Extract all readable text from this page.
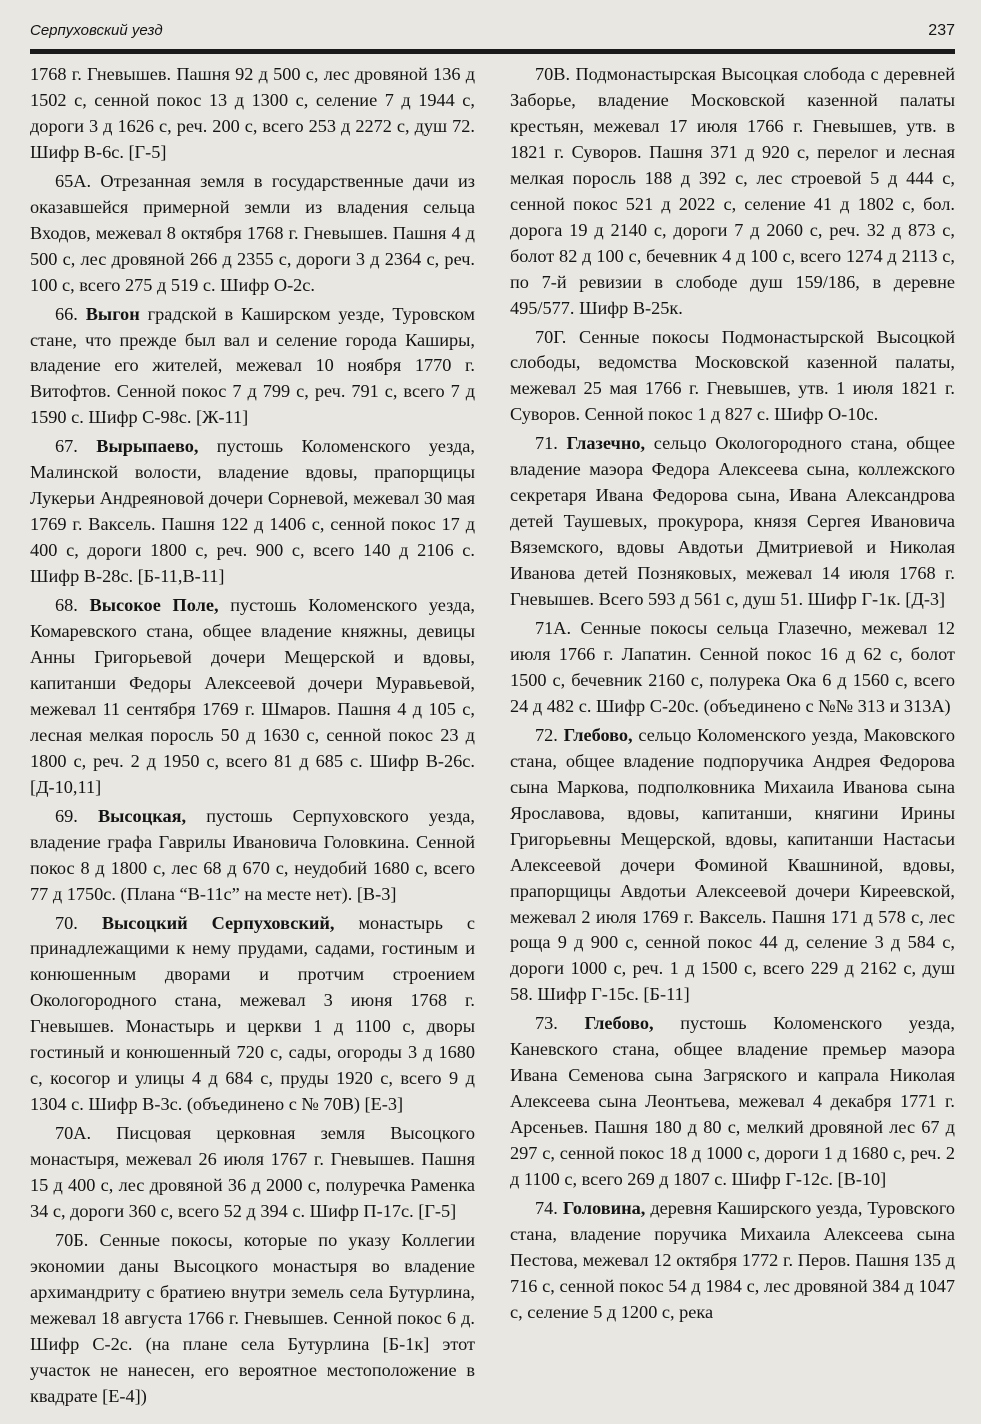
Серпуховский уезд	237

1768 г. Гневышев. Пашня 92 д 500 с, лес дровяной 136 д 1502 с, сенной покос 13 д 1300 с, селение 7 д 1944 с, дороги 3 д 1626 с, реч. 200 с, всего 253 д 2272 с, душ 72. Шифр В-6с. [Г-5]

65А. Отрезанная земля в государственные дачи из оказавшейся примерной земли из владения сельца Входов, межевал 8 октября 1768 г. Гневышев. Пашня 4 д 500 с, лес дровяной 266 д 2355 с, дороги 3 д 2364 с, реч. 100 с, всего 275 д 519 с. Шифр О-2с.

66. Выгон градской в Каширском уезде, Туровском стане, что прежде был вал и селение города Каширы, владение его жителей, межевал 10 ноября 1770 г. Витофтов. Сенной покос 7 д 799 с, реч. 791 с, всего 7 д 1590 с. Шифр С-98с. [Ж-11]

67. Вырыпаево, пустошь Коломенского уезда, Малинской волости, владение вдовы, прапорщицы Лукерьи Андреяновой дочери Сорневой, межевал 30 мая 1769 г. Ваксель. Пашня 122 д 1406 с, сенной покос 17 д 400 с, дороги 1800 с, реч. 900 с, всего 140 д 2106 с. Шифр В-28с. [Б-11,В-11]

68. Высокое Поле, пустошь Коломенского уезда, Комаревского стана, общее владение княжны, девицы Анны Григорьевой дочери Мещерской и вдовы, капитанши Федоры Алексеевой дочери Муравьевой, межевал 11 сентября 1769 г. Шмаров. Пашня 4 д 105 с, лесная мелкая поросль 50 д 1630 с, сенной покос 23 д 1800 с, реч. 2 д 1950 с, всего 81 д 685 с. Шифр В-26с. [Д-10,11]

69. Высоцкая, пустошь Серпуховского уезда, владение графа Гаврилы Ивановича Головкина. Сенной покос 8 д 1800 с, лес 68 д 670 с, неудобий 1680 с, всего 77 д 1750с. (Плана “В-11с” на месте нет). [В-3]

70. Высоцкий Серпуховский, монастырь с принадлежащими к нему прудами, садами, гостиным и конюшенным дворами и протчим строением Окологородного стана, межевал 3 июня 1768 г. Гневышев. Монастырь и церкви 1 д 1100 с, дворы гостиный и конюшенный 720 с, сады, огороды 3 д 1680 с, косогор и улицы 4 д 684 с, пруды 1920 с, всего 9 д 1304 с. Шифр В-3с. (объединено с № 70В) [Е-3]

70А. Писцовая церковная земля Высоцкого монастыря, межевал 26 июля 1767 г. Гневышев. Пашня 15 д 400 с, лес дровяной 36 д 2000 с, полуречка Раменка 34 с, дороги 360 с, всего 52 д 394 с. Шифр П-17с. [Г-5]

70Б. Сенные покосы, которые по указу Коллегии экономии даны Высоцкого монастыря во владение архимандриту с братиею внутри земель села Бутурлина, межевал 18 августа 1766 г. Гневышев. Сенной покос 6 д. Шифр С-2с. (на плане села Бутурлина [Б-1к] этот участок не нанесен, его вероятное местоположение в квадрате [Е-4])

70В. Подмонастырская Высоцкая слобода с деревней Заборье, владение Московской казенной палаты крестьян, межевал 17 июля 1766 г. Гневышев, утв. в 1821 г. Суворов. Пашня 371 д 920 с, перелог и лесная мелкая поросль 188 д 392 с, лес строевой 5 д 444 с, сенной покос 521 д 2022 с, селение 41 д 1802 с, бол. дорога 19 д 2140 с, дороги 7 д 2060 с, реч. 32 д 873 с, болот 82 д 100 с, бечевник 4 д 100 с, всего 1274 д 2113 с, по 7-й ревизии в слободе душ 159/186, в деревне 495/577. Шифр В-25к.

70Г. Сенные покосы Подмонастырской Высоцкой слободы, ведомства Московской казенной палаты, межевал 25 мая 1766 г. Гневышев, утв. 1 июля 1821 г. Суворов. Сенной покос 1 д 827 с. Шифр О-10с.

71. Глазечно, сельцо Окологородного стана, общее владение маэора Федора Алексеева сына, коллежского секретаря Ивана Федорова сына, Ивана Александрова детей Таушевых, прокурора, князя Сергея Ивановича Вяземского, вдовы Авдотьи Дмитриевой и Николая Иванова детей Позняковых, межевал 14 июля 1768 г. Гневышев. Всего 593 д 561 с, душ 51. Шифр Г-1к. [Д-3]

71А. Сенные покосы сельца Глазечно, межевал 12 июля 1766 г. Лапатин. Сенной покос 16 д 62 с, болот 1500 с, бечевник 2160 с, полурека Ока 6 д 1560 с, всего 24 д 482 с. Шифр С-20с. (объединено с №№ 313 и 313А)

72. Глебово, сельцо Коломенского уезда, Маковского стана, общее владение подпоручика Андрея Федорова сына Маркова, подполковника Михаила Иванова сына Ярославова, вдовы, капитанши, княгини Ирины Григорьевны Мещерской, вдовы, капитанши Настасьи Алексеевой дочери Фоминой Квашниной, вдовы, прапорщицы Авдотьи Алексеевой дочери Киреевской, межевал 2 июля 1769 г. Ваксель. Пашня 171 д 578 с, лес роща 9 д 900 с, сенной покос 44 д, селение 3 д 584 с, дороги 1000 с, реч. 1 д 1500 с, всего 229 д 2162 с, душ 58. Шифр Г-15с. [Б-11]

73. Глебово, пустошь Коломенского уезда, Каневского стана, общее владение премьер маэора Ивана Семенова сына Загряского и капрала Николая Алексеева сына Леонтьева, межевал 4 декабря 1771 г. Арсеньев. Пашня 180 д 80 с, мелкий дровяной лес 67 д 297 с, сенной покос 18 д 1000 с, дороги 1 д 1680 с, реч. 2 д 1100 с, всего 269 д 1807 с. Шифр Г-12с. [В-10]

74. Головина, деревня Каширского уезда, Туровского стана, владение поручика Михаила Алексеева сына Пестова, межевал 12 октября 1772 г. Перов. Пашня 135 д 716 с, сенной покос 54 д 1984 с, лес дровяной 384 д 1047 с, селение 5 д 1200 с, река
